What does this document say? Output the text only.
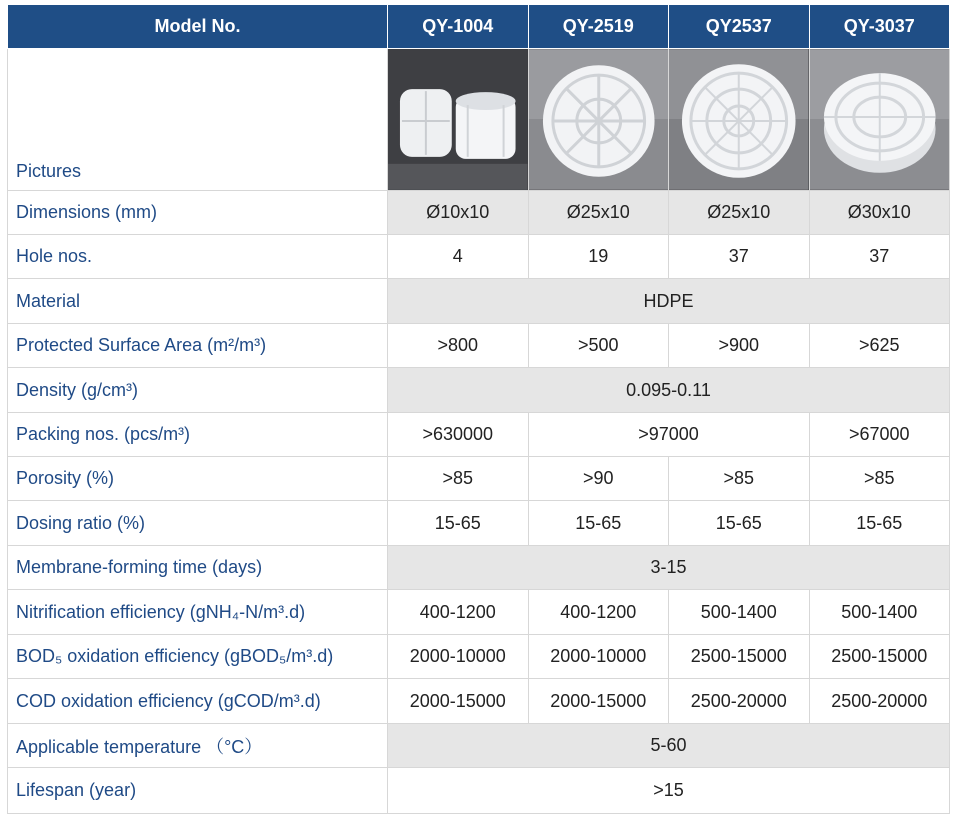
Model No.	QY-1004	QY-2519	QY2537	QY-3037
Pictures	

Dimensions (mm)	Ø10x10	Ø25x10	Ø25x10	Ø30x10
Hole nos.	4	19	37	37
Material	HDPE			
Protected Surface Area (m²/m³)	>800	>500	>900	>625
Density (g/cm³)	0.095-0.11			
Packing nos. (pcs/m³)	>630000	>97000		>67000
Porosity (%)	>85	>90	>85	>85
Dosing ratio (%)	15-65	15-65	15-65	15-65
Membrane-forming time (days)	3-15			
Nitrification efficiency (gNH₄-N/m³.d)	400-1200	400-1200	500-1400	500-1400
BOD₅ oxidation efficiency (gBOD₅/m³.d)	2000-10000	2000-10000	2500-15000	2500-15000
COD oxidation efficiency (gCOD/m³.d)	2000-15000	2000-15000	2500-20000	2500-20000
Applicable temperature （°C）	5-60			
Lifespan (year)	>15			
